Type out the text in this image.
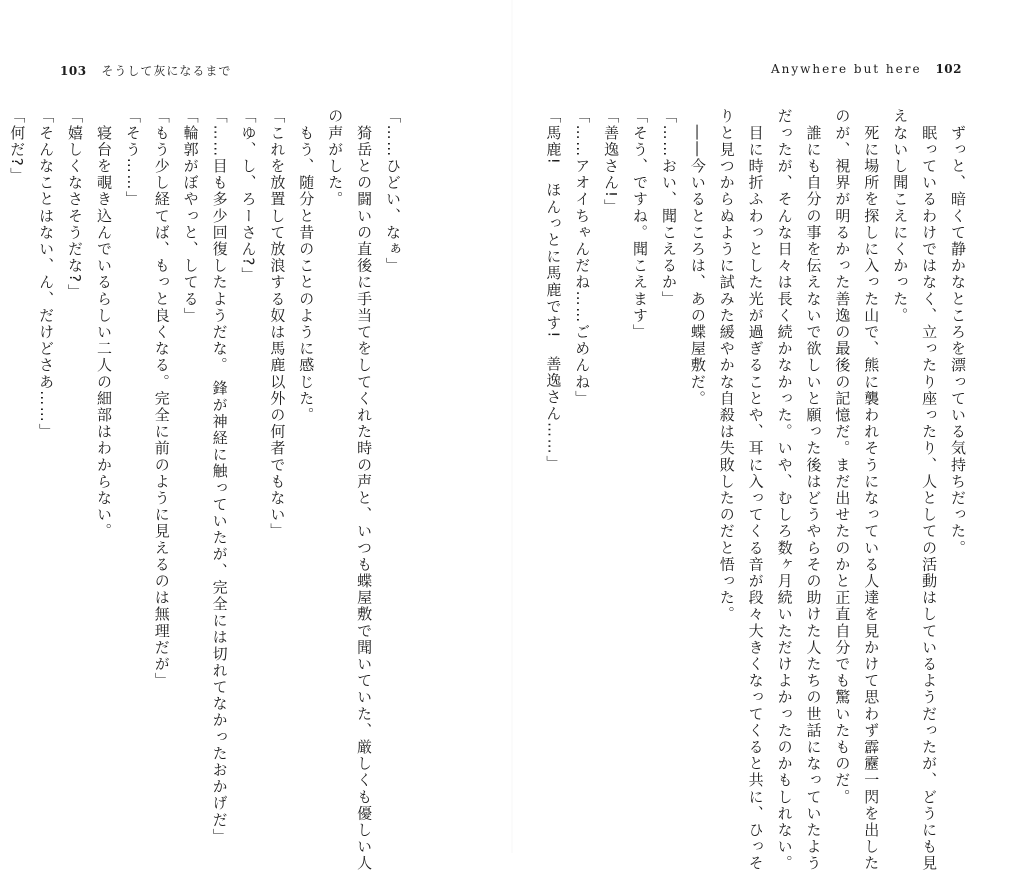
103 そうして灰になるまで	Anywhere but here 102
　ずっと、暗くて静かなところを漂っている気持ちだった。
　眠っているわけではなく、立ったり座ったり、人としての活動はしているようだったが、どうにも見
えないし聞こえにくかった。
　死に場所を探しに入った山で、熊に襲われそうになっている人達を見かけて思わず霹靂一閃を出した
のが、視界が明るかった善逸の最後の記憶だ。まだ出せたのかと正直自分でも驚いたものだ。
　誰にも自分の事を伝えないで欲しいと願った後はどうやらその助けた人たちの世話になっていたよう
だったが、そんな日々は長く続かなかった。いや、むしろ数ヶ月続いただけよかったのかもしれない。
　目に時折ふわっとした光が過ぎることや、耳に入ってくる音が段々大きくなってくると共に、ひっそ
りと見つからぬように試みた緩やかな自殺は失敗したのだと悟った。
　――今いるところは、あの蝶屋敷だ。
「……おい、聞こえるか」
「そう、ですね。聞こえます」
「善逸さん!」
「……アオイちゃんだね……ごめんね」
「馬鹿!　ほんっとに馬鹿です!　善逸さん……」
「……ひどい、なぁ」
　猗岳との闘いの直後に手当てをしてくれた時の声と、いつも蝶屋敷で聞いていた、厳しくも優しい人
の声がした。
　もう、随分と昔のことのように感じた。
「これを放置して放浪する奴は馬鹿以外の何者でもない」
「ゆ、し、ろーさん?」
「……目も多少回復したようだな。 鋒が神経に触っていたが、完全には切れてなかったおかげだ」
「輪郭がぼやっと、してる」
「もう少し経てば、もっと良くなる。完全に前のように見えるのは無理だが」
「そう……」
　寝台を覗き込んでいるらしい二人の細部はわからない。
「嬉しくなさそうだな?」
「そんなことはない、ん、だけどさあ……」
「何だ?」
